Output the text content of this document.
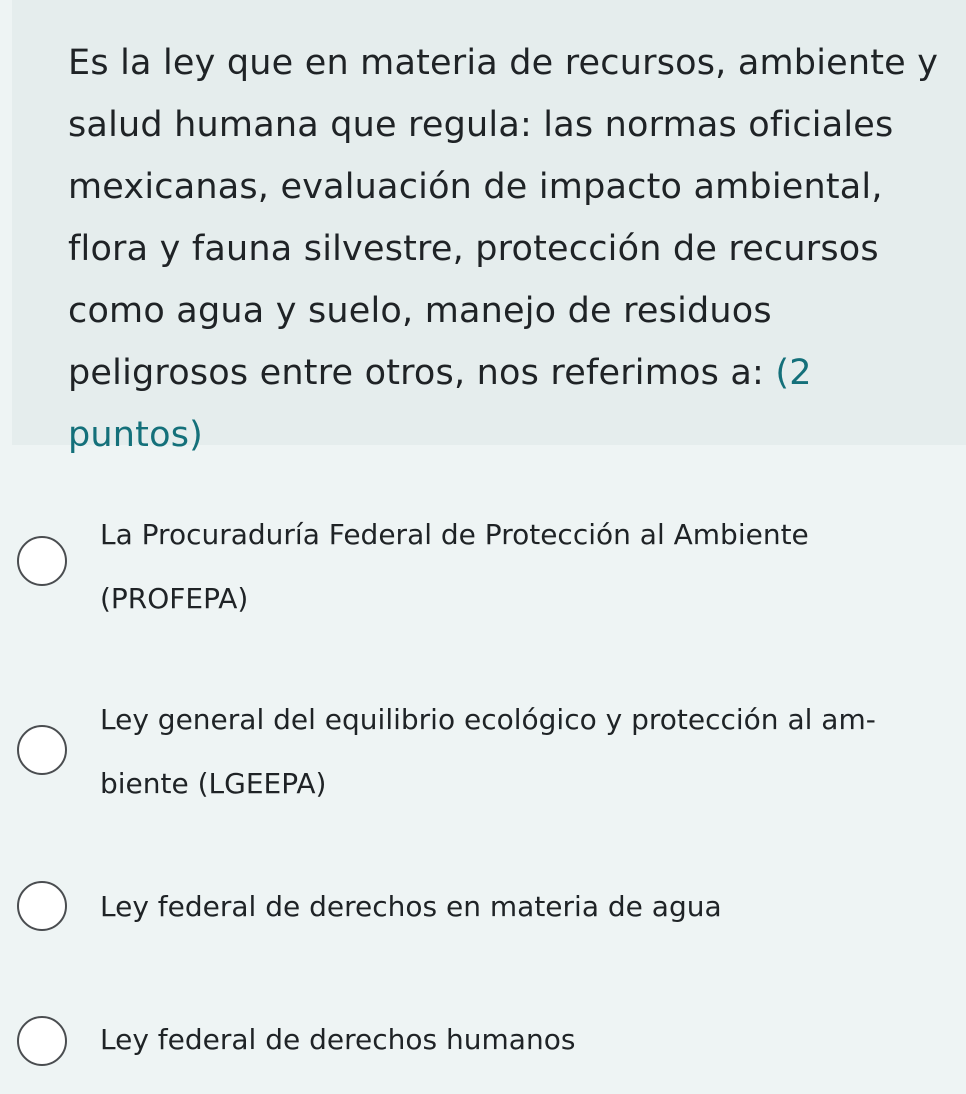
Es la ley que en materia de recursos, ambiente y salud humana que regula: las normas oficiales mexicanas, evaluación de impacto ambiental, flora y fauna silvestre, protección de recursos como agua y suelo, manejo de residuos peligrosos entre otros, nos referimos a: (2 puntos)

La Procuraduría Federal de Protección al Ambiente (PROFEPA)

Ley general del equilibrio ecológico y protección al am- biente (LGEEPA)

Ley federal de derechos en materia de agua

Ley federal de derechos humanos
